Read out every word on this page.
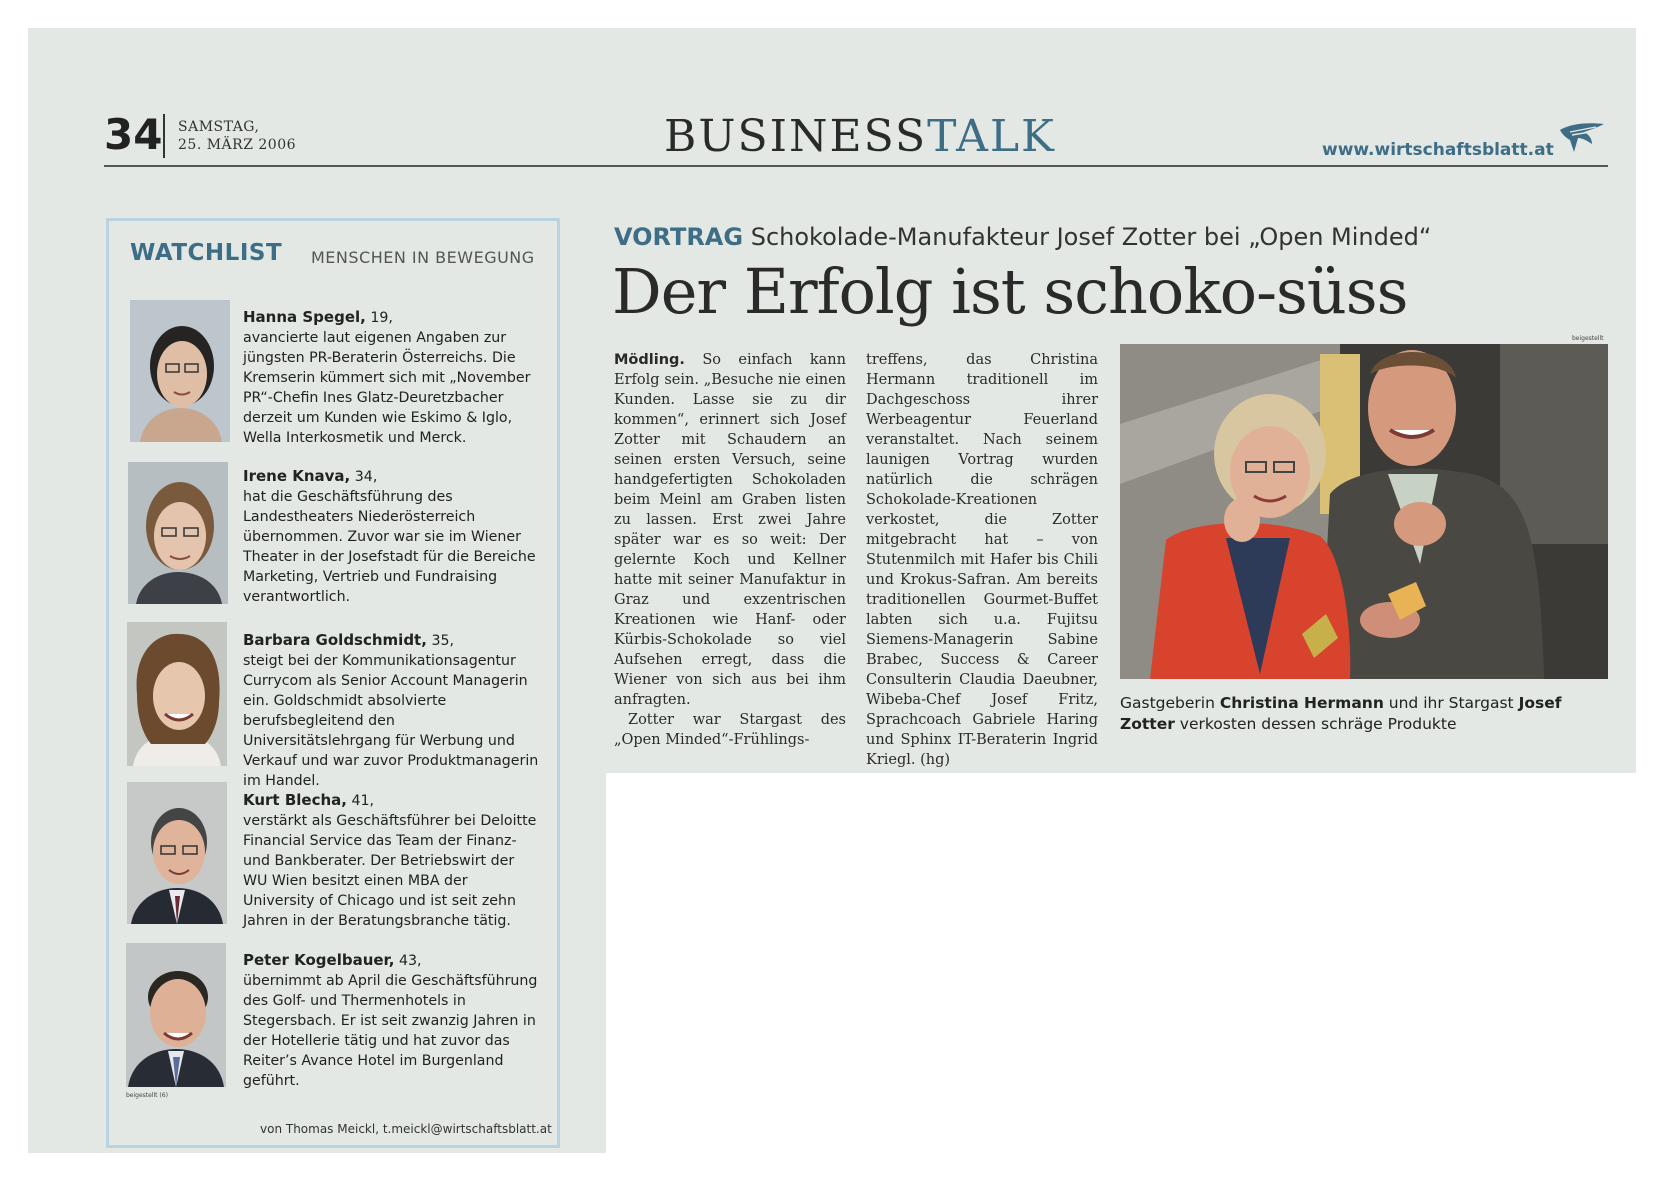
34 SAMSTAG,
25. MÄRZ 2006	BUSINESSTALK	www.wirtschaftsblatt.at
WATCHLIST MENSCHEN IN BEWEGUNG

Hanna Spegel, 19,

avancierte laut eigenen Angaben zur jüngsten PR-Beraterin Österreichs. Die Kremserin kümmert sich mit „November PR“-Chefin Ines Glatz-Deuretzbacher derzeit um Kunden wie Eskimo & Iglo, Wella Interkosmetik und Merck.

Irene Knava, 34,

hat die Geschäftsführung des Landestheaters Niederösterreich übernommen. Zuvor war sie im Wiener Theater in der Josefstadt für die Bereiche Marketing, Vertrieb und Fundraising verantwortlich.

Barbara Goldschmidt, 35,

steigt bei der Kommunikationsagentur Currycom als Senior Account Managerin ein. Goldschmidt absolvierte berufsbegleitend den Universitätslehrgang für Werbung und Verkauf und war zuvor Produktmanagerin im Handel.

Kurt Blecha, 41,

verstärkt als Geschäftsführer bei Deloitte Financial Service das Team der Finanz- und Bankberater. Der Betriebswirt der WU Wien besitzt einen MBA der University of Chicago und ist seit zehn Jahren in der Beratungsbranche tätig.

Peter Kogelbauer, 43,

übernimmt ab April die Geschäftsführung des Golf- und Thermenhotels in Stegersbach. Er ist seit zwanzig Jahren in der Hotellerie tätig und hat zuvor das Reiter’s Avance Hotel im Burgenland geführt.

beigestellt (6)
von Thomas Meickl, t.meickl@wirtschaftsblatt.at
VORTRAG Schokolade-Manufakteur Josef Zotter bei „Open Minded“
Der Erfolg ist schoko-süss

Mödling. So einfach kann Erfolg sein. „Besuche nie einen Kunden. Lasse sie zu dir kommen“, erinnert sich Josef Zotter mit Schaudern an seinen ersten Versuch, seine handgefertigten Schokoladen beim Meinl am Graben listen zu lassen. Erst zwei Jahre später war es so weit: Der gelernte Koch und Kellner hatte mit seiner Manufaktur in Graz und exzentrischen Kreationen wie Hanf- oder Kürbis-Schokolade so viel Aufsehen erregt, dass die Wiener von sich aus bei ihm anfragten.

Zotter war Stargast des „Open Minded“-Frühlings-

treffens, das Christina Hermann traditionell im Dachgeschoss ihrer Werbeagentur Feuerland veranstaltet. Nach seinem launigen Vortrag wurden natürlich die schrägen Schokolade-Kreationen verkostet, die Zotter mitgebracht hat – von Stutenmilch mit Hafer bis Chili und Krokus-Safran. Am bereits traditionellen Gourmet-Buffet labten sich u.a. Fujitsu Siemens-Managerin Sabine Brabec, Success & Career Consulterin Claudia Daeubner, Wibeba-Chef Josef Fritz, Sprachcoach Gabriele Haring und Sphinx IT-Beraterin Ingrid Kriegl. (hg)

beigestellt
Gastgeberin Christina Hermann und ihr Stargast Josef Zotter verkosten dessen schräge Produkte
